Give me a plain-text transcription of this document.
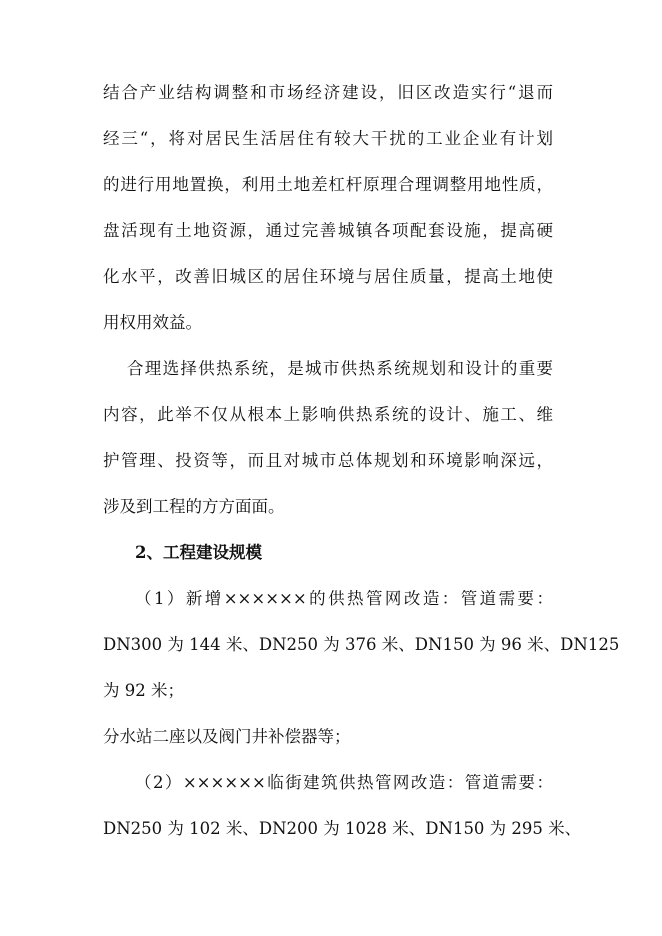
结合产业结构调整和市场经济建设，旧区改造实行“退而
经三“，将对居民生活居住有较大干扰的工业企业有计划
的进行用地置换，利用土地差杠杆原理合理调整用地性质，
盘活现有土地资源，通过完善城镇各项配套设施，提高硬
化水平，改善旧城区的居住环境与居住质量，提高土地使
用权用效益。
合理选择供热系统，是城市供热系统规划和设计的重要
内容，此举不仅从根本上影响供热系统的设计、施工、维
护管理、投资等，而且对城市总体规划和环境影响深远，
涉及到工程的方方面面。
2、工程建设规模
（1）新增××××××的供热管网改造：管道需要：
DN300 为 144 米、DN250 为 376 米、DN150 为 96 米、DN125
为 92 米；
分水站二座以及阀门井补偿器等；
（2）××××××临街建筑供热管网改造：管道需要：
DN250 为 102 米、DN200 为 1028 米、DN150 为 295 米、
